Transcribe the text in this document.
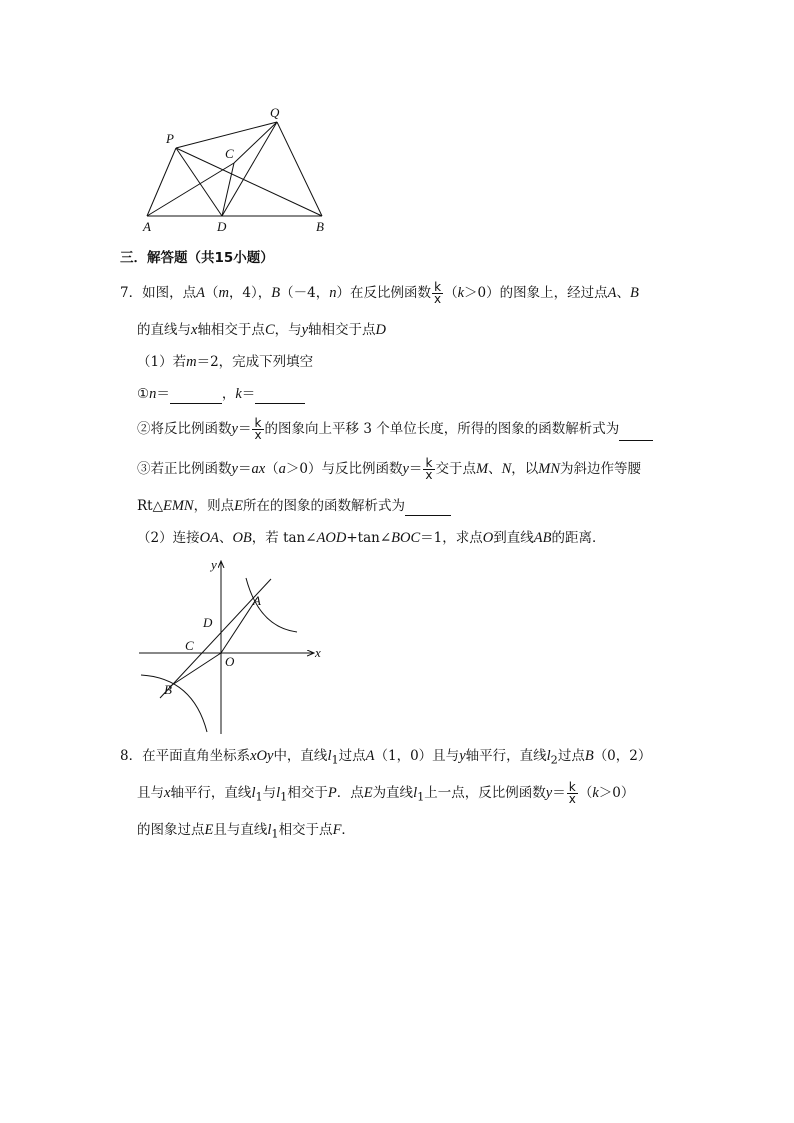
P
Q
C
A	D	B
三．解答题（共15小题）
7．如图，点A（m，4），B（－4，n）在反比例函数 $\frac{k}{x} (k>0)$的图象上，经过点A、B
的直线与x轴相交于点C，与y轴相交于点D
（1）若m＝2，完成下列填空
①n＝	，k＝
②将反比例函数$y= \frac{k}{x}$ 的图象向上平移 3 个单位长度，所得的图象的函数解析式为
③若正比例函数y＝ax（a＞0）与反比例函数$y= \frac{k}{x}$ 交于点M、N，以MN为斜边作等腰
Rt△EMN，则点E所在的图象的函数解析式为
（2）连接OA、OB，若 tan∠AOD+tan∠BOC＝1，求点O到直线AB的距离．
y
x
A
D
C
O
B
8．在平面直角坐标系xOy中，直线$l_1$过点A（1，0）且与y轴平行，直线$l_2$过点B（0，2）
且与x轴平行，直线$l_1$与$l_1$相交于P．点E为直线$l_1$上一点，反比例函数$y= \frac{k}{x} (k>0)$
的图象过点E且与直线$l_1$相交于点F．
